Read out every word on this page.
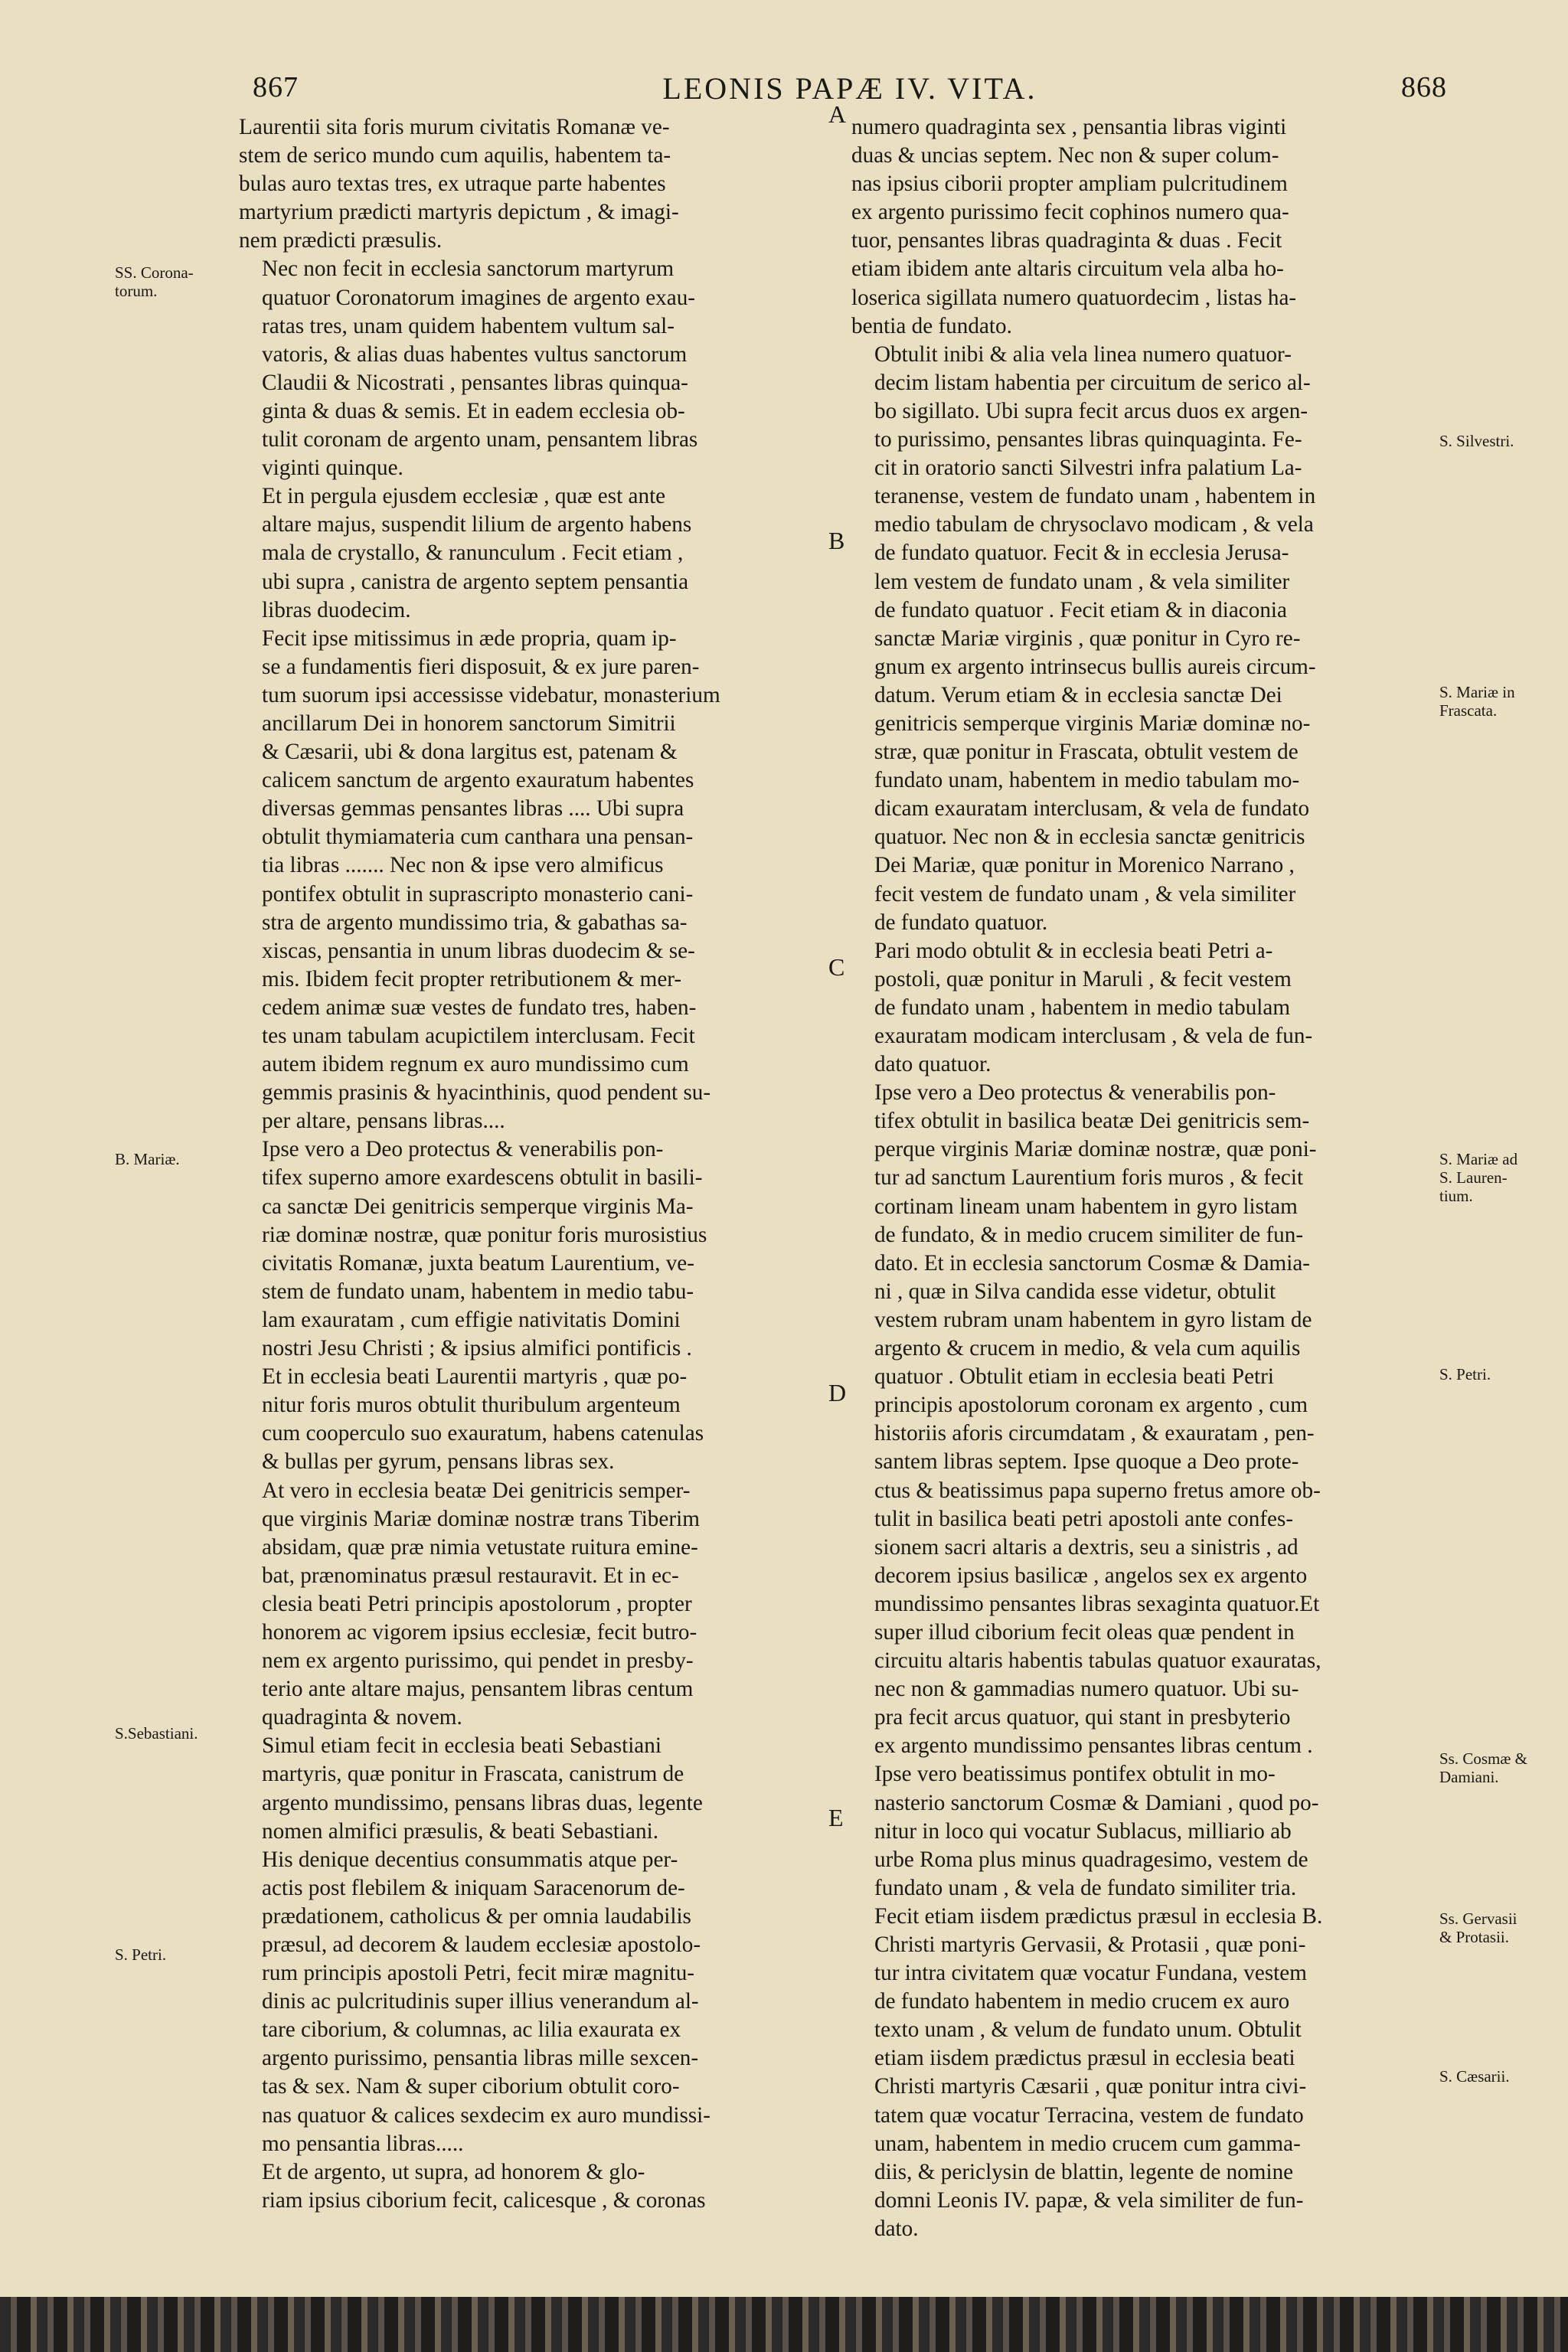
867	LEONIS PAPÆ IV. VITA.	868

Laurentii sita foris murum civitatis Romanæ ve-
stem de serico mundo cum aquilis, habentem ta-
bulas auro textas tres, ex utraque parte habentes
martyrium prædicti martyris depictum , & imagi-
nem prædicti præsulis.

Nec non fecit in ecclesia sanctorum martyrum
quatuor Coronatorum imagines de argento exau-
ratas tres, unam quidem habentem vultum sal-
vatoris, & alias duas habentes vultus sanctorum
Claudii & Nicostrati , pensantes libras quinqua-
ginta & duas & semis. Et in eadem ecclesia ob-
tulit coronam de argento unam, pensantem libras
viginti quinque.

Et in pergula ejusdem ecclesiæ , quæ est ante
altare majus, suspendit lilium de argento habens
mala de crystallo, & ranunculum . Fecit etiam ,
ubi supra , canistra de argento septem pensantia
libras duodecim.

Fecit ipse mitissimus in æde propria, quam ip-
se a fundamentis fieri disposuit, & ex jure paren-
tum suorum ipsi accessisse videbatur, monasterium
ancillarum Dei in honorem sanctorum Simitrii
& Cæsarii, ubi & dona largitus est, patenam &
calicem sanctum de argento exauratum habentes
diversas gemmas pensantes libras .... Ubi supra
obtulit thymiamateria cum canthara una pensan-
tia libras ....... Nec non & ipse vero almificus
pontifex obtulit in suprascripto monasterio cani-
stra de argento mundissimo tria, & gabathas sa-
xiscas, pensantia in unum libras duodecim & se-
mis. Ibidem fecit propter retributionem & mer-
cedem animæ suæ vestes de fundato tres, haben-
tes unam tabulam acupictilem interclusam. Fecit
autem ibidem regnum ex auro mundissimo cum
gemmis prasinis & hyacinthinis, quod pendent su-
per altare, pensans libras....

Ipse vero a Deo protectus & venerabilis pon-
tifex superno amore exardescens obtulit in basili-
ca sanctæ Dei genitricis semperque virginis Ma-
riæ dominæ nostræ, quæ ponitur foris murosistius
civitatis Romanæ, juxta beatum Laurentium, ve-
stem de fundato unam, habentem in medio tabu-
lam exauratam , cum effigie nativitatis Domini
nostri Jesu Christi ; & ipsius almifici pontificis .
Et in ecclesia beati Laurentii martyris , quæ po-
nitur foris muros obtulit thuribulum argenteum
cum cooperculo suo exauratum, habens catenulas
& bullas per gyrum, pensans libras sex.

At vero in ecclesia beatæ Dei genitricis semper-
que virginis Mariæ dominæ nostræ trans Tiberim
absidam, quæ præ nimia vetustate ruitura emine-
bat, prænominatus præsul restauravit. Et in ec-
clesia beati Petri principis apostolorum , propter
honorem ac vigorem ipsius ecclesiæ, fecit butro-
nem ex argento purissimo, qui pendet in presby-
terio ante altare majus, pensantem libras centum
quadraginta & novem.

Simul etiam fecit in ecclesia beati Sebastiani
martyris, quæ ponitur in Frascata, canistrum de
argento mundissimo, pensans libras duas, legente
nomen almifici præsulis, & beati Sebastiani.

His denique decentius consummatis atque per-
actis post flebilem & iniquam Saracenorum de-
prædationem, catholicus & per omnia laudabilis
præsul, ad decorem & laudem ecclesiæ apostolo-
rum principis apostoli Petri, fecit miræ magnitu-
dinis ac pulcritudinis super illius venerandum al-
tare ciborium, & columnas, ac lilia exaurata ex
argento purissimo, pensantia libras mille sexcen-
tas & sex. Nam & super ciborium obtulit coro-
nas quatuor & calices sexdecim ex auro mundissi-
mo pensantia libras.....

Et de argento, ut supra, ad honorem & glo-
riam ipsius ciborium fecit, calicesque , & coronas

numero quadraginta sex , pensantia libras viginti
duas & uncias septem. Nec non & super colum-
nas ipsius ciborii propter ampliam pulcritudinem
ex argento purissimo fecit cophinos numero qua-
tuor, pensantes libras quadraginta & duas . Fecit
etiam ibidem ante altaris circuitum vela alba ho-
loserica sigillata numero quatuordecim , listas ha-
bentia de fundato.

Obtulit inibi & alia vela linea numero quatuor-
decim listam habentia per circuitum de serico al-
bo sigillato. Ubi supra fecit arcus duos ex argen-
to purissimo, pensantes libras quinquaginta. Fe-
cit in oratorio sancti Silvestri infra palatium La-
teranense, vestem de fundato unam , habentem in
medio tabulam de chrysoclavo modicam , & vela
de fundato quatuor. Fecit & in ecclesia Jerusa-
lem vestem de fundato unam , & vela similiter
de fundato quatuor . Fecit etiam & in diaconia
sanctæ Mariæ virginis , quæ ponitur in Cyro re-
gnum ex argento intrinsecus bullis aureis circum-
datum. Verum etiam & in ecclesia sanctæ Dei
genitricis semperque virginis Mariæ dominæ no-
stræ, quæ ponitur in Frascata, obtulit vestem de
fundato unam, habentem in medio tabulam mo-
dicam exauratam interclusam, & vela de fundato
quatuor. Nec non & in ecclesia sanctæ genitricis
Dei Mariæ, quæ ponitur in Morenico Narrano ,
fecit vestem de fundato unam , & vela similiter
de fundato quatuor.

Pari modo obtulit & in ecclesia beati Petri a-
postoli, quæ ponitur in Maruli , & fecit vestem
de fundato unam , habentem in medio tabulam
exauratam modicam interclusam , & vela de fun-
dato quatuor.

Ipse vero a Deo protectus & venerabilis pon-
tifex obtulit in basilica beatæ Dei genitricis sem-
perque virginis Mariæ dominæ nostræ, quæ poni-
tur ad sanctum Laurentium foris muros , & fecit
cortinam lineam unam habentem in gyro listam
de fundato, & in medio crucem similiter de fun-
dato. Et in ecclesia sanctorum Cosmæ & Damia-
ni , quæ in Silva candida esse videtur, obtulit
vestem rubram unam habentem in gyro listam de
argento & crucem in medio, & vela cum aquilis
quatuor . Obtulit etiam in ecclesia beati Petri
principis apostolorum coronam ex argento , cum
historiis aforis circumdatam , & exauratam , pen-
santem libras septem. Ipse quoque a Deo prote-
ctus & beatissimus papa superno fretus amore ob-
tulit in basilica beati petri apostoli ante confes-
sionem sacri altaris a dextris, seu a sinistris , ad
decorem ipsius basilicæ , angelos sex ex argento
mundissimo pensantes libras sexaginta quatuor.Et
super illud ciborium fecit oleas quæ pendent in
circuitu altaris habentis tabulas quatuor exauratas,
nec non & gammadias numero quatuor. Ubi su-
pra fecit arcus quatuor, qui stant in presbyterio
ex argento mundissimo pensantes libras centum .

Ipse vero beatissimus pontifex obtulit in mo-
nasterio sanctorum Cosmæ & Damiani , quod po-
nitur in loco qui vocatur Sublacus, milliario ab
urbe Roma plus minus quadragesimo, vestem de
fundato unam , & vela de fundato similiter tria.
Fecit etiam iisdem prædictus præsul in ecclesia B.
Christi martyris Gervasii, & Protasii , quæ poni-
tur intra civitatem quæ vocatur Fundana, vestem
de fundato habentem in medio crucem ex auro
texto unam , & velum de fundato unum. Obtulit
etiam iisdem prædictus præsul in ecclesia beati
Christi martyris Cæsarii , quæ ponitur intra civi-
tatem quæ vocatur Terracina, vestem de fundato
unam, habentem in medio crucem cum gamma-
diis, & periclysin de blattin, legente de nomine
domni Leonis IV. papæ, & vela similiter de fun-
dato.

A
B
C
D
E
SS. Corona-
torum.
B. Mariæ.
S.Sebastiani.
S. Petri.
S. Silvestri.
S. Mariæ in
Frascata.
S. Mariæ ad
S. Lauren-
tium.
S. Petri.
Ss. Cosmæ &
Damiani.
Ss. Gervasii
& Protasii.
S. Cæsarii.
